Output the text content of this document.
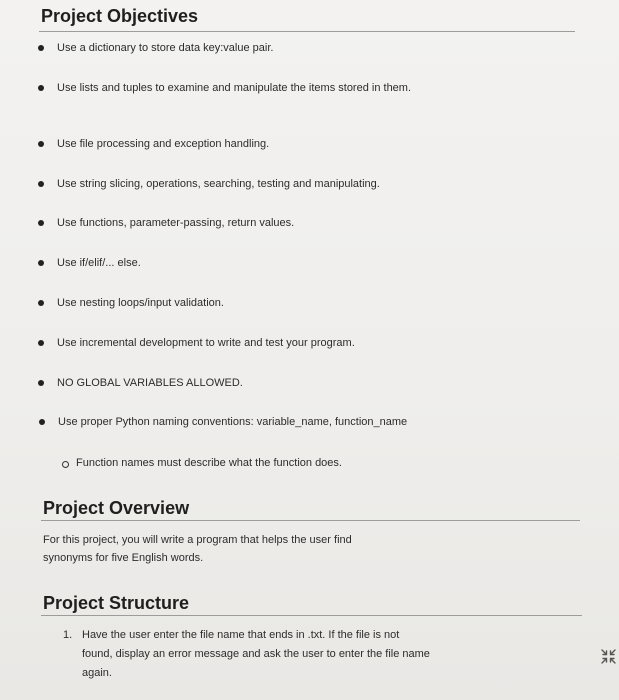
Project Objectives
Use a dictionary to store data key:value pair.
Use lists and tuples to examine and manipulate the items stored in them.
Use file processing and exception handling.
Use string slicing, operations, searching, testing and manipulating.
Use functions, parameter-passing, return values.
Use if/elif/... else.
Use nesting loops/input validation.
Use incremental development to write and test your program.
NO GLOBAL VARIABLES ALLOWED.
Use proper Python naming conventions: variable_name, function_name
Function names must describe what the function does.
Project Overview

For this project, you will write a program that helps the user find synonyms for five English words.

Project Structure
1. Have the user enter the file name that ends in .txt. If the file is not found, display an error message and ask the user to enter the file name again.
